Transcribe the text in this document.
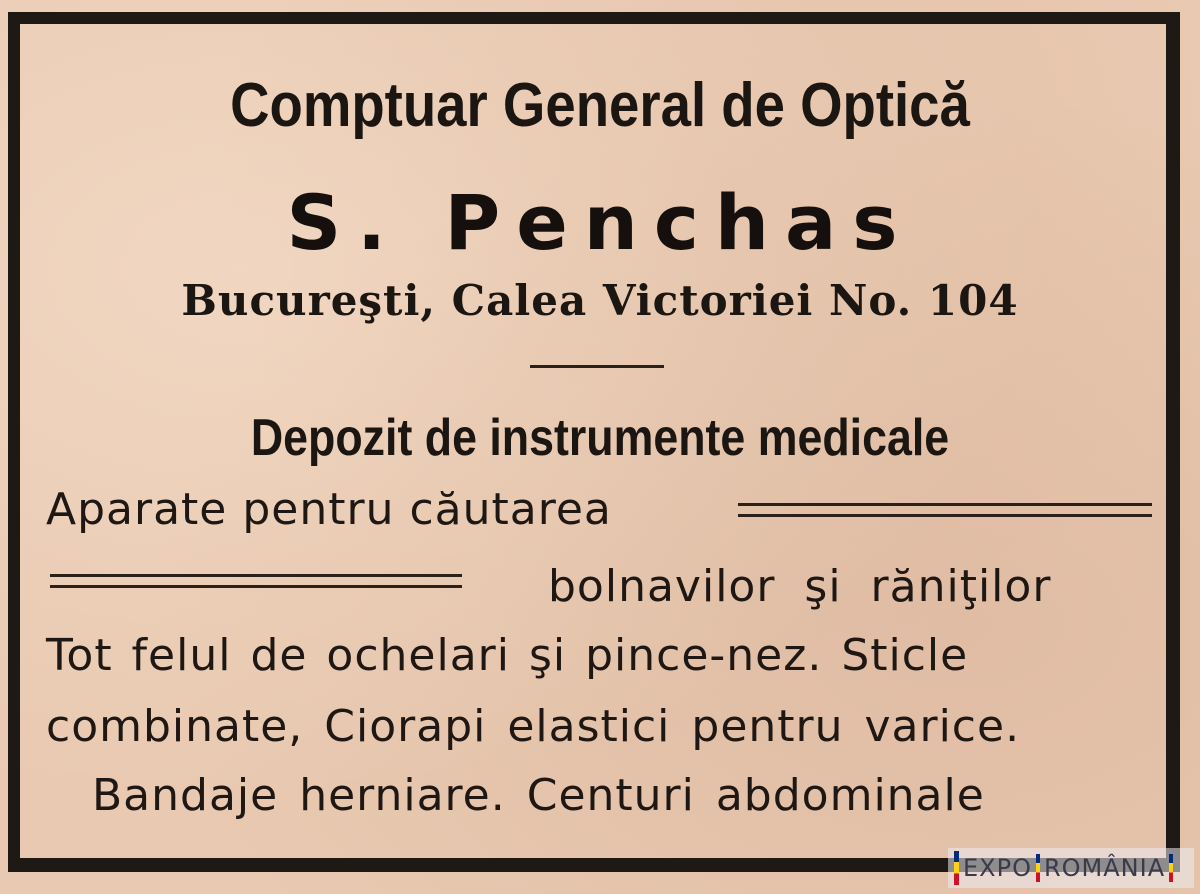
Comptuar General de Optică
S. Penchas
Bucureşti, Calea Victoriei No. 104
Depozit de instrumente medicale
Aparate pentru căutarea
bolnavilor şi răniţilor
Tot felul de ochelari şi pince-nez. Sticle
combinate, Ciorapi elastici pentru varice.
Bandaje herniare. Centuri abdominale
EXPO ROMÂNIA
